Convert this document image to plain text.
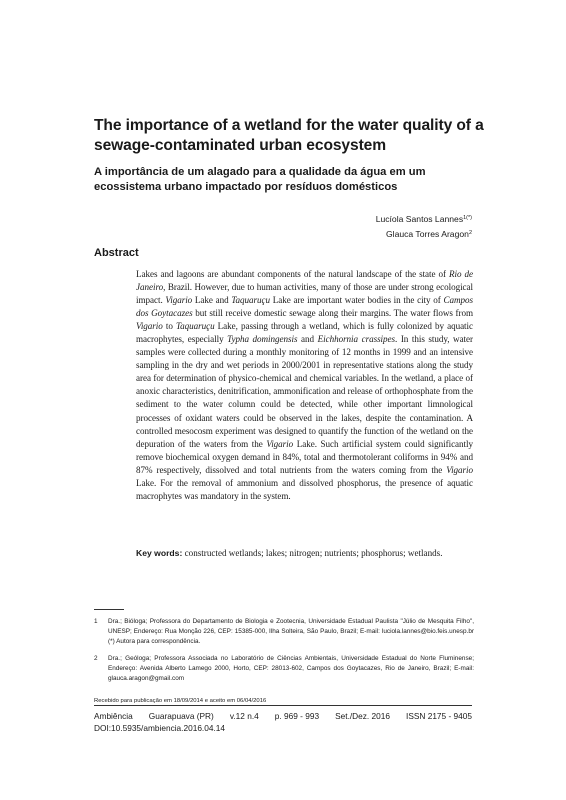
The importance of a wetland for the water quality of a sewage-contaminated urban ecosystem
A importância de um alagado para a qualidade da água em um ecossistema urbano impactado por resíduos domésticos
Lucíola Santos Lannes$^{1(*)}$
Glauca Torres Aragon$^2$
Abstract

Lakes and lagoons are abundant components of the natural landscape of the state of Rio de Janeiro, Brazil. However, due to human activities, many of those are under strong ecological impact. Vigario Lake and Taquaruçu Lake are important water bodies in the city of Campos dos Goytacazes but still receive domestic sewage along their margins. The water flows from Vigario to Taquaruçu Lake, passing through a wetland, which is fully colonized by aquatic macrophytes, especially Typha domingensis and Eichhornia crassipes. In this study, water samples were collected during a monthly monitoring of 12 months in 1999 and an intensive sampling in the dry and wet periods in 2000/2001 in representative stations along the study area for determination of physico-chemical and chemical variables. In the wetland, a place of anoxic characteristics, denitrification, ammonification and release of orthophosphate from the sediment to the water column could be detected, while other important limnological processes of oxidant waters could be observed in the lakes, despite the contamination. A controlled mesocosm experiment was designed to quantify the function of the wetland on the depuration of the waters from the Vigario Lake. Such artificial system could significantly remove biochemical oxygen demand in 84%, total and thermotolerant coliforms in 94% and 87% respectively, dissolved and total nutrients from the waters coming from the Vigario Lake. For the removal of ammonium and dissolved phosphorus, the presence of aquatic macrophytes was mandatory in the system.

Key words: constructed wetlands; lakes; nitrogen; nutrients; phosphorus; wetlands.
1 Dra.; Bióloga; Professora do Departamento de Biologia e Zootecnia, Universidade Estadual Paulista "Júlio de Mesquita Filho", UNESP; Endereço: Rua Monção 226, CEP: 15385-000, Ilha Solteira, São Paulo, Brazil; E-mail: luciola.lannes@bio.feis.unesp.br (*) Autora para correspondência.
2 Dra.; Geóloga; Professora Associada no Laboratório de Ciências Ambientais, Universidade Estadual do Norte Fluminense; Endereço: Avenida Alberto Lamego 2000, Horto, CEP: 28013-602, Campos dos Goytacazes, Rio de Janeiro, Brazil; E-mail: glauca.aragon@gmail.com
Recebido para publicação em 18/09/2014 e aceito em 06/04/2016
Ambiência Guarapuava (PR) v.12 n.4 p. 969 - 993 Set./Dez. 2016 ISSN 2175 - 9405
DOI:10.5935/ambiencia.2016.04.14
